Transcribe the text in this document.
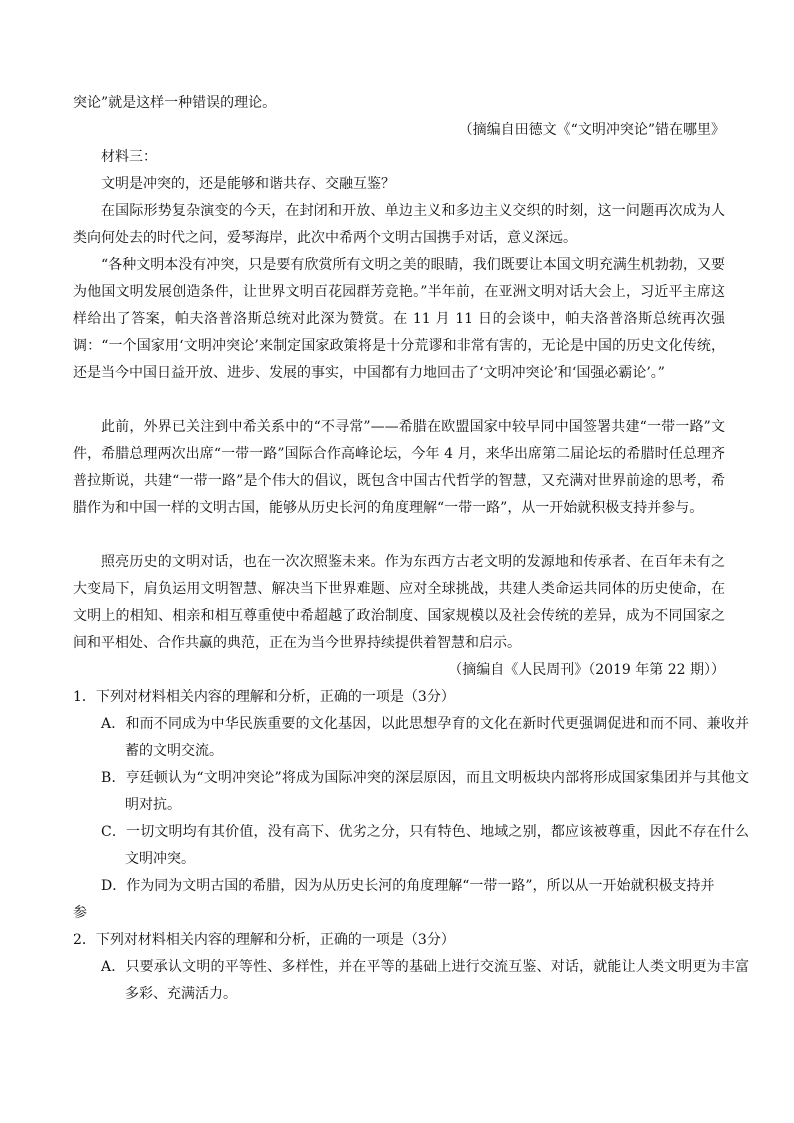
突论”就是这样一种错误的理论。

（摘编自田德文《“文明冲突论”错在哪里》

材料三：

文明是冲突的，还是能够和谐共存、交融互鉴？

在国际形势复杂演变的今天，在封闭和开放、单边主义和多边主义交织的时刻，这一问题再次成为人类向何处去的时代之问，爱琴海岸，此次中希两个文明古国携手对话，意义深远。

“各种文明本没有冲突，只是要有欣赏所有文明之美的眼睛，我们既要让本国文明充满生机勃勃，又要为他国文明发展创造条件，让世界文明百花园群芳竞艳。”半年前，在亚洲文明对话大会上，习近平主席这样给出了答案，帕夫洛普洛斯总统对此深为赞赏。在 11 月 11 日的会谈中，帕夫洛普洛斯总统再次强调：“一个国家用‘文明冲突论’来制定国家政策将是十分荒谬和非常有害的，无论是中国的历史文化传统，还是当今中国日益开放、进步、发展的事实，中国都有力地回击了‘文明冲突论’和‘国强必霸论’。”

此前，外界已关注到中希关系中的“不寻常”——希腊在欧盟国家中较早同中国签署共建“一带一路”文件，希腊总理两次出席“一带一路”国际合作高峰论坛，今年 4 月，来华出席第二届论坛的希腊时任总理齐普拉斯说，共建“一带一路”是个伟大的倡议，既包含中国古代哲学的智慧，又充满对世界前途的思考，希腊作为和中国一样的文明古国，能够从历史长河的角度理解“一带一路”，从一开始就积极支持并参与。

照亮历史的文明对话，也在一次次照鉴未来。作为东西方古老文明的发源地和传承者、在百年未有之大变局下，肩负运用文明智慧、解决当下世界难题、应对全球挑战，共建人类命运共同体的历史使命，在文明上的相知、相亲和相互尊重使中希超越了政治制度、国家规模以及社会传统的差异，成为不同国家之间和平相处、合作共赢的典范，正在为当今世界持续提供着智慧和启示。

（摘编自《人民周刊》（2019 年第 22 期））

1．下列对材料相关内容的理解和分析，正确的一项是（3分）

A．和而不同成为中华民族重要的文化基因，以此思想孕育的文化在新时代更强调促进和而不同、兼收并蓄的文明交流。

B．亨廷顿认为“文明冲突论”将成为国际冲突的深层原因，而且文明板块内部将形成国家集团并与其他文明对抗。

C．一切文明均有其价值，没有高下、优劣之分，只有特色、地域之别，都应该被尊重，因此不存在什么文明冲突。

D．作为同为文明古国的希腊，因为从历史长河的角度理解“一带一路”，所以从一开始就积极支持并

参

2．下列对材料相关内容的理解和分析，正确的一项是（3分）

A．只要承认文明的平等性、多样性，并在平等的基础上进行交流互鉴、对话，就能让人类文明更为丰富多彩、充满活力。
